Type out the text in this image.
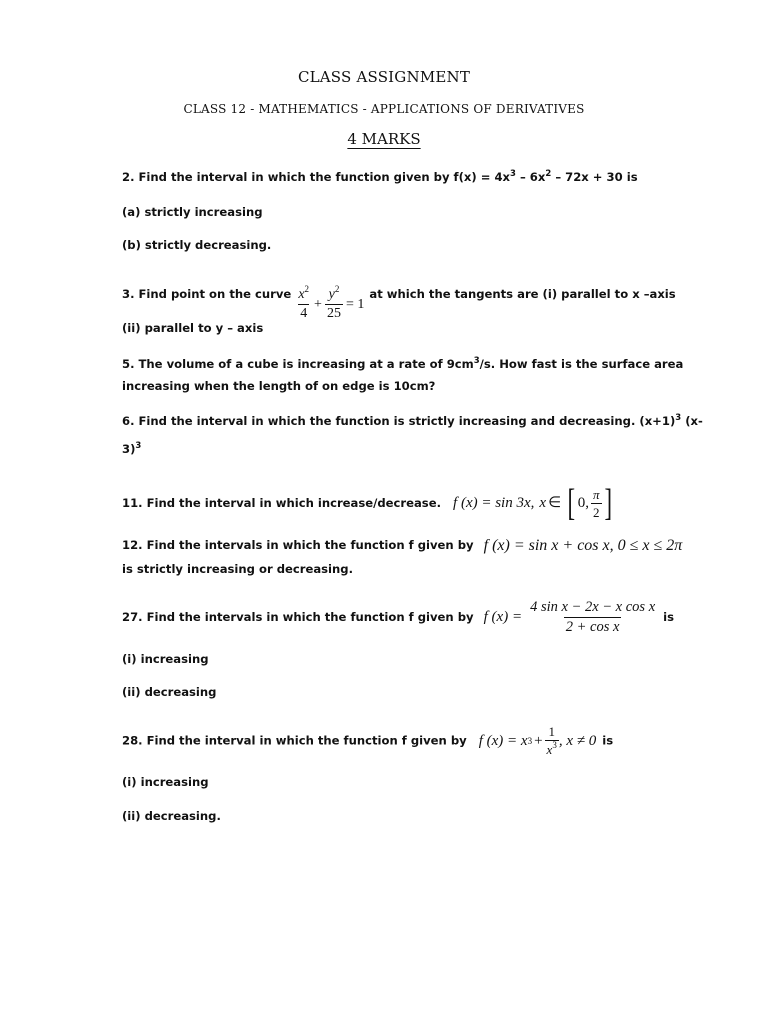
CLASS ASSIGNMENT
CLASS 12 - MATHEMATICS - APPLICATIONS OF DERIVATIVES
4 MARKS
2. Find the interval in which the function given by $f(x) = 4x^3 - 6x^2 - 72x + 30$ is
(a) strictly increasing
(b) strictly decreasing.
3. Find point on the curve $\frac{x^2}{4} + \frac{y^2}{25} = 1$
at which the tangents are (i) parallel to x –axis
(ii) parallel to y – axis
5. The volume of a cube is increasing at a rate of $9cm^3/s$. How fast is the surface area
increasing when the length of on edge is 10cm?
6. Find the interval in which the function is strictly increasing and decreasing. $(x+1)^3$ (x-
3)$^3$
11. Find the interval in which increase/decrease. f (x) = sin 3x, x ∈ [ 0, $\frac{\pi}{2}$ ]
12. Find the intervals in which the function f given by f (x) = sin x + cos x, 0 ≤ x ≤ 2π
is strictly increasing or decreasing.
27. Find the intervals in which the function f given by f $(x) = \frac{\text{4 sin x − 2x − x cos x}}{\text{2 + cos x}}$ is
(i) increasing
(ii) decreasing
28. Find the interval in which the function f given by f (x) = x $3 + \frac{1}{x^3}$ , x ≠ 0 is
(i) increasing
(ii) decreasing.
